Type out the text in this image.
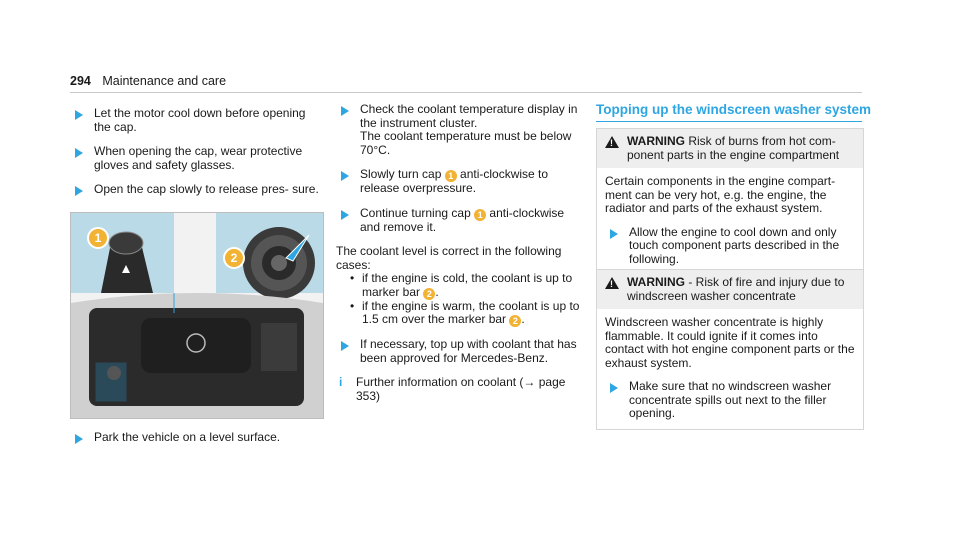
294 Maintenance and care
Let the motor cool down before opening the cap.
When opening the cap, wear protective gloves and safety glasses.
Open the cap slowly to release pres- sure.
1
2
Park the vehicle on a level surface.
Check the coolant temperature display in the instrument cluster.
The coolant temperature must be below 70°C.
Slowly turn cap 1 anti-clockwise to release overpressure.
Continue turning cap 1 anti-clockwise and remove it.
The coolant level is correct in the following cases:
• if the engine is cold, the coolant is up to marker bar 2 .
• if the engine is warm, the coolant is up to 1.5 cm over the marker bar 2 .
If necessary, top up with coolant that has been approved for Mercedes-Benz.
i Further information on coolant (→ page 353)
Topping up the windscreen washer system
!
WARNING Risk of burns from hot com- ponent parts in the engine compartment

Certain components in the engine compart- ment can be very hot, e.g. the engine, the radiator and parts of the exhaust system.

Allow the engine to cool down and only touch component parts described in the following.
!
WARNING - Risk of fire and injury due to windscreen washer concentrate

Windscreen washer concentrate is highly flammable. It could ignite if it comes into contact with hot engine component parts or the exhaust system.

Make sure that no windscreen washer concentrate spills out next to the filler opening.
